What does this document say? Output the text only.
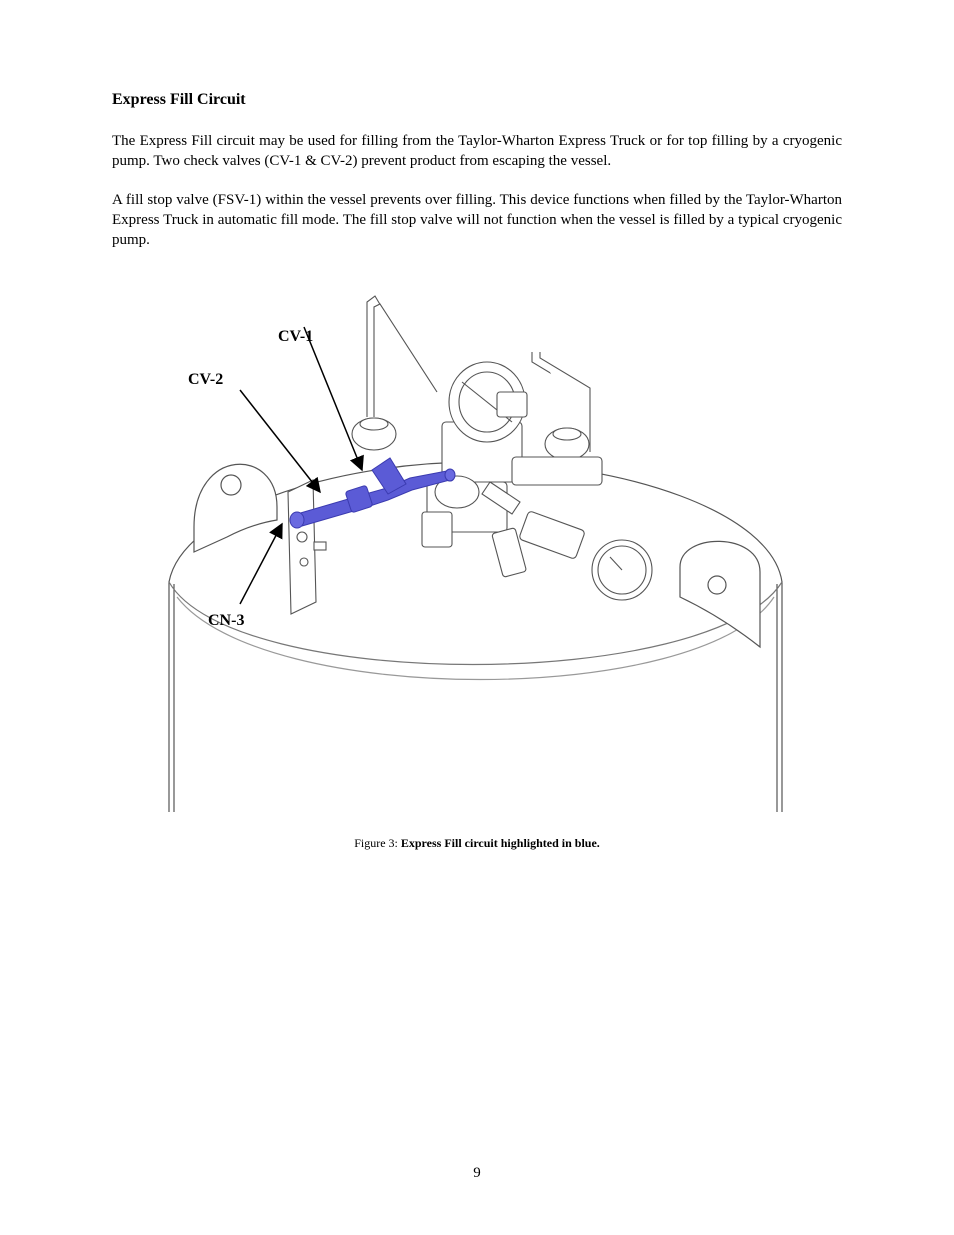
Express Fill Circuit

The Express Fill circuit may be used for filling from the Taylor-Wharton Express Truck or for top filling by a cryogenic pump. Two check valves (CV-1 & CV-2) prevent product from escaping the vessel.

A fill stop valve (FSV-1) within the vessel prevents over filling. This device functions when filled by the Taylor-Wharton Express Truck in automatic fill mode. The fill stop valve will not function when the vessel is filled by a typical cryogenic pump.

CV-1
CV-2
CN-3
Figure 3: Express Fill circuit highlighted in blue.
9
